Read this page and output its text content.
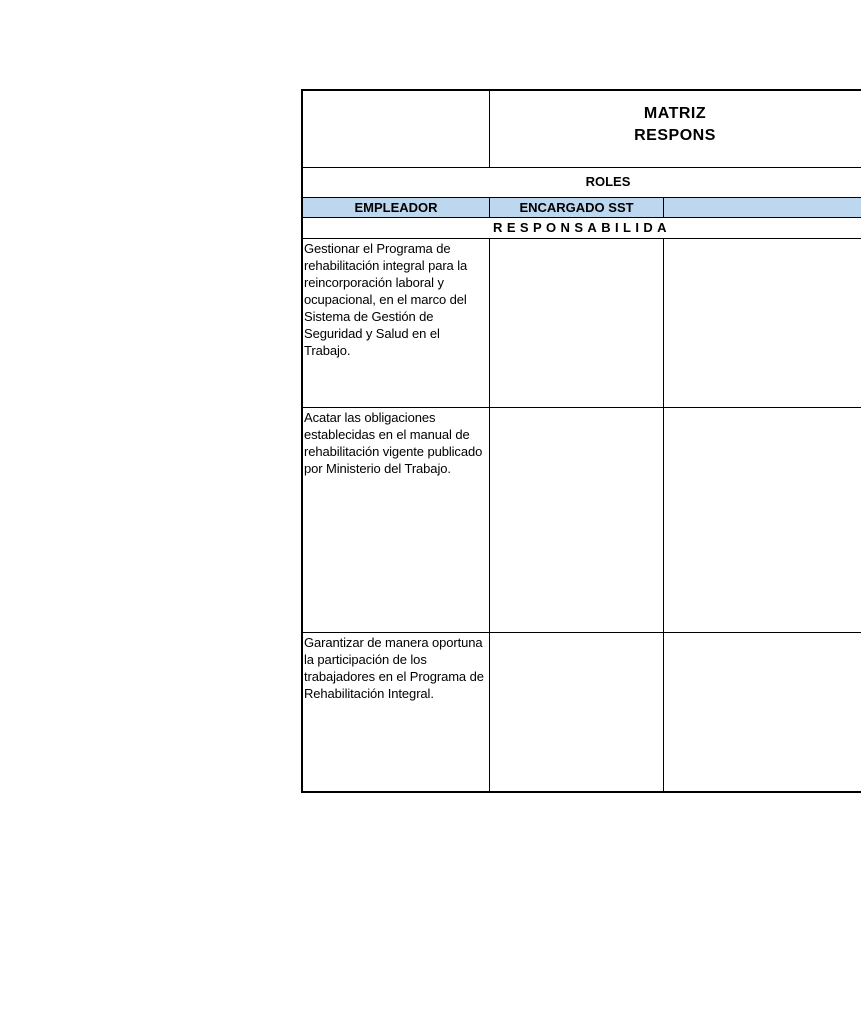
MATRIZ
RESPONS
ROLES
EMPLEADOR	ENCARGADO SST
RESPONSABILIDA
Gestionar el Programa de rehabilitación integral para la reincorporación laboral y ocupacional, en el marco del Sistema de Gestión de Seguridad y Salud en el Trabajo.
Acatar las obligaciones establecidas en el manual de rehabilitación vigente publicado por Ministerio del Trabajo.
Garantizar de manera oportuna la participación de los trabajadores en el Programa de Rehabilitación Integral.
